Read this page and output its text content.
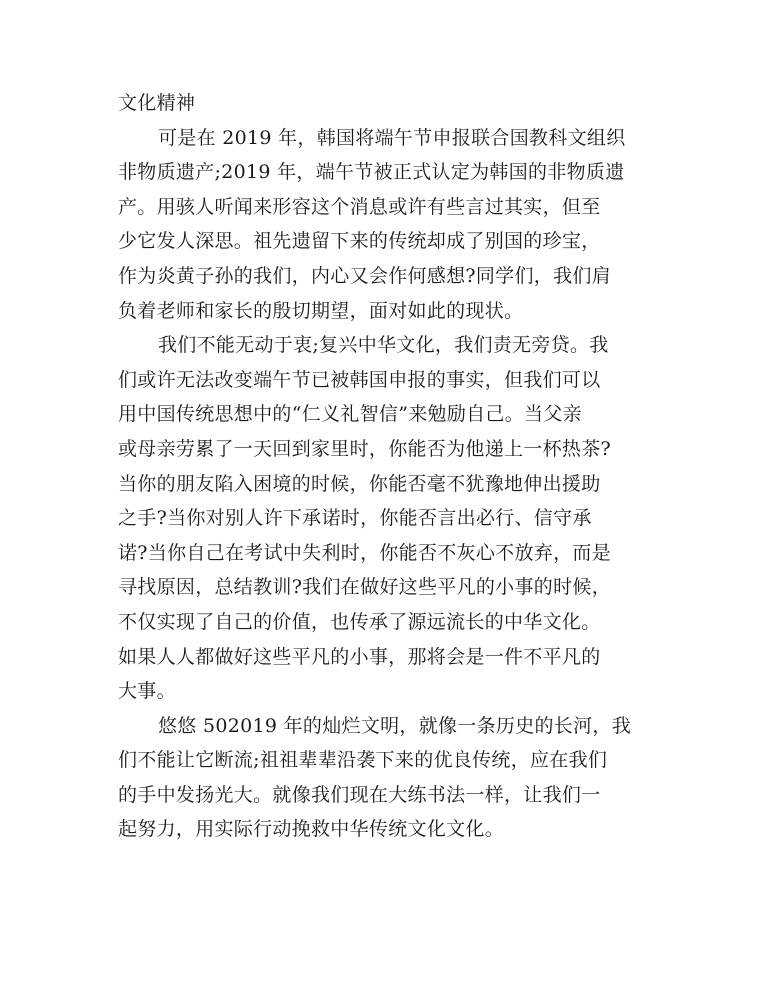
文化精神
可是在 2019 年，韩国将端午节申报联合国教科文组织
非物质遗产;2019 年，端午节被正式认定为韩国的非物质遗
产。用骇人听闻来形容这个消息或许有些言过其实，但至
少它发人深思。祖先遗留下来的传统却成了别国的珍宝，
作为炎黄子孙的我们，内心又会作何感想?同学们，我们肩
负着老师和家长的殷切期望，面对如此的现状。
我们不能无动于衷;复兴中华文化，我们责无旁贷。我
们或许无法改变端午节已被韩国申报的事实，但我们可以
用中国传统思想中的“仁义礼智信”来勉励自己。当父亲
或母亲劳累了一天回到家里时，你能否为他递上一杯热茶?
当你的朋友陷入困境的时候，你能否毫不犹豫地伸出援助
之手?当你对别人许下承诺时，你能否言出必行、信守承
诺?当你自己在考试中失利时，你能否不灰心不放弃，而是
寻找原因，总结教训?我们在做好这些平凡的小事的时候，
不仅实现了自己的价值，也传承了源远流长的中华文化。
如果人人都做好这些平凡的小事，那将会是一件不平凡的
大事。
悠悠 502019 年的灿烂文明，就像一条历史的长河，我
们不能让它断流;祖祖辈辈沿袭下来的优良传统，应在我们
的手中发扬光大。就像我们现在大练书法一样，让我们一
起努力，用实际行动挽救中华传统文化文化。
